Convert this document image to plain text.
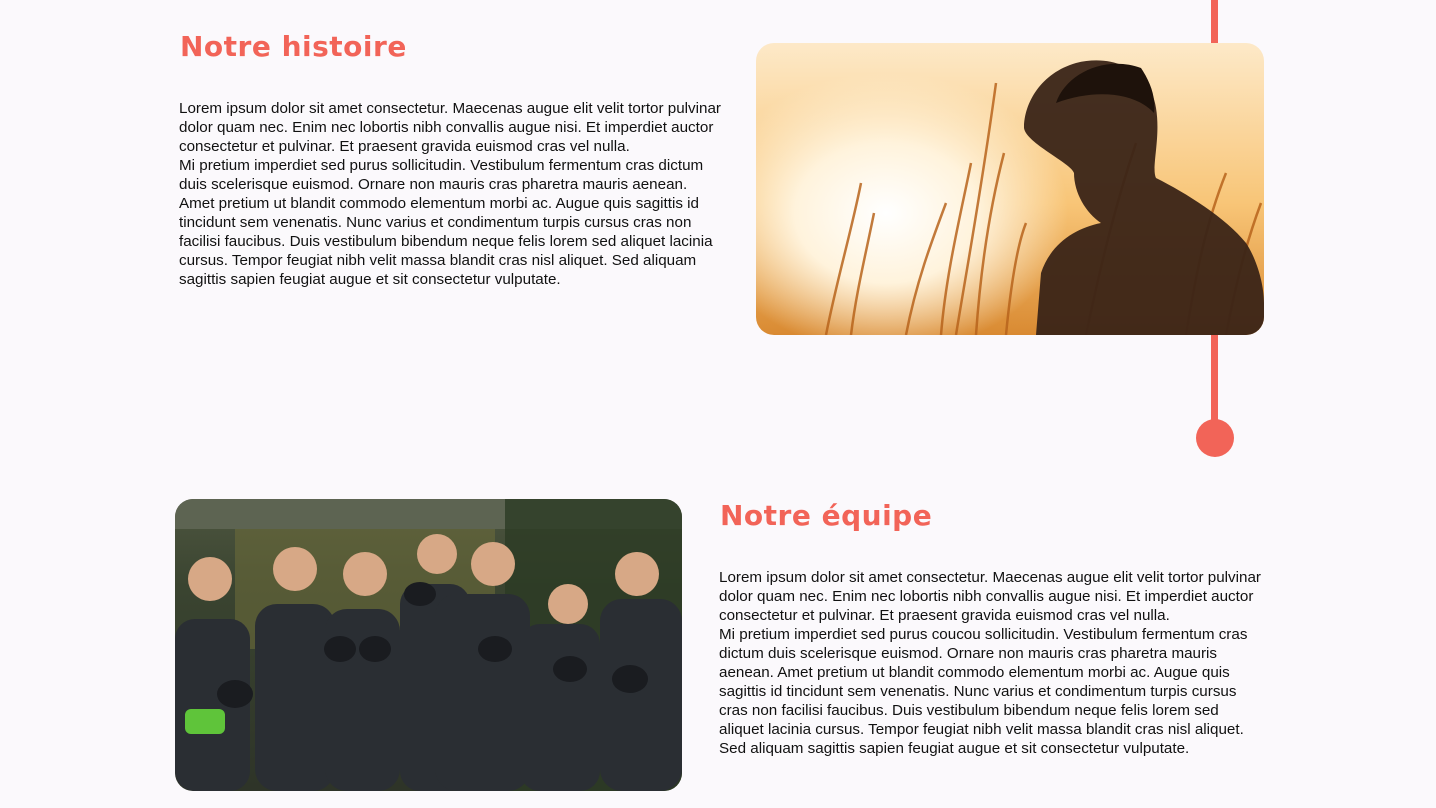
Notre histoire

Lorem ipsum dolor sit amet consectetur. Maecenas augue elit velit tortor pulvinar dolor quam nec. Enim nec lobortis nibh convallis augue nisi. Et imperdiet auctor consectetur et pulvinar. Et praesent gravida euismod cras vel nulla.

Mi pretium imperdiet sed purus sollicitudin. Vestibulum fermentum cras dictum duis scelerisque euismod. Ornare non mauris cras pharetra mauris aenean. Amet pretium ut blandit commodo elementum morbi ac. Augue quis sagittis id tincidunt sem venenatis. Nunc varius et condimentum turpis cursus cras non facilisi faucibus. Duis vestibulum bibendum neque felis lorem sed aliquet lacinia cursus. Tempor feugiat nibh velit massa blandit cras nisl aliquet. Sed aliquam sagittis sapien feugiat augue et sit consectetur vulputate.

Notre équipe

Lorem ipsum dolor sit amet consectetur. Maecenas augue elit velit tortor pulvinar dolor quam nec. Enim nec lobortis nibh convallis augue nisi. Et imperdiet auctor consectetur et pulvinar. Et praesent gravida euismod cras vel nulla.

Mi pretium imperdiet sed purus coucou sollicitudin. Vestibulum fermentum cras dictum duis scelerisque euismod. Ornare non mauris cras pharetra mauris aenean. Amet pretium ut blandit commodo elementum morbi ac. Augue quis sagittis id tincidunt sem venenatis. Nunc varius et condimentum turpis cursus cras non facilisi faucibus. Duis vestibulum bibendum neque felis lorem sed aliquet lacinia cursus. Tempor feugiat nibh velit massa blandit cras nisl aliquet. Sed aliquam sagittis sapien feugiat augue et sit consectetur vulputate.
